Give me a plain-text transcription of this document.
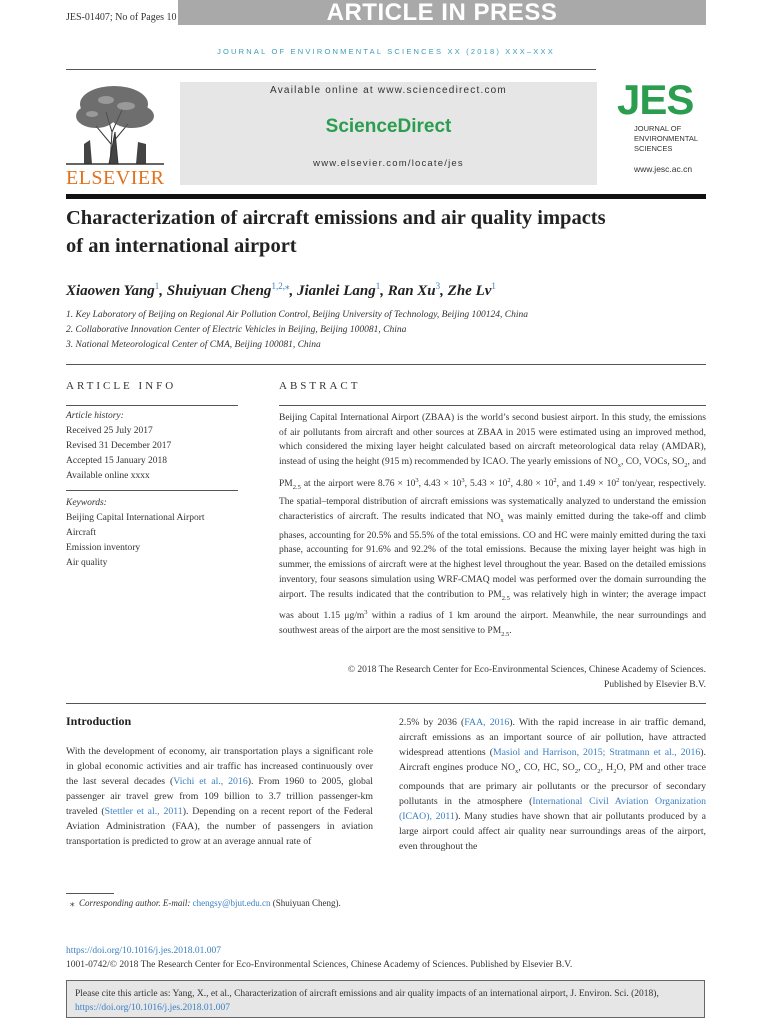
JES-01407; No of Pages 10	ARTICLE IN PRESS
JOURNAL OF ENVIRONMENTAL SCIENCES XX (2018) XXX–XXX
ELSEVIER
Available online at www.sciencedirect.com
ScienceDirect
www.elsevier.com/locate/jes
JES
JOURNAL OF
ENVIRONMENTAL
SCIENCES
www.jesc.ac.cn
Characterization of aircraft emissions and air quality impacts of an international airport
Xiaowen Yang$^1$, Shuiyuan Cheng$^{1,2,⁎}$, Jianlei Lang$^1$, Ran Xu$^3$, Zhe Lv$^1$
1. Key Laboratory of Beijing on Regional Air Pollution Control, Beijing University of Technology, Beijing 100124, China
2. Collaborative Innovation Center of Electric Vehicles in Beijing, Beijing 100081, China
3. National Meteorological Center of CMA, Beijing 100081, China
ARTICLE INFO	ABSTRACT
Article history:
Received 25 July 2017
Revised 31 December 2017
Accepted 15 January 2018
Available online xxxx
Keywords:
Beijing Capital International Airport
Aircraft
Emission inventory
Air quality
Beijing Capital International Airport (ZBAA) is the world’s second busiest airport. In this study, the emissions of air pollutants from aircraft and other sources at ZBAA in 2015 were estimated using an improved method, which considered the mixing layer height calculated based on aircraft meteorological data relay (AMDAR), instead of using the height (915 m) recommended by ICAO. The yearly emissions of $NO_x$, CO, VOCs, $SO_2$, and $PM_{2.5}$ at the airport were $8.76 \times 10^3$, $4.43 \times 10^3$, $5.43 \times 10^2$, $4.80 \times 10^2$, and $1.49 \times 10^2$ ton/year, respectively. The spatial–temporal distribution of aircraft emissions was systematically analyzed to understand the emission characteristics of aircraft. The results indicated that $NO_x$ was mainly emitted during the take-off and climb phases, accounting for 20.5% and 55.5% of the total emissions. CO and HC were mainly emitted during the taxi phase, accounting for 91.6% and 92.2% of the total emissions. Because the mixing layer height was high in summer, the emissions of aircraft were at the highest level throughout the year. Based on the detailed emissions inventory, four seasons simulation using WRF-CMAQ model was performed over the domain surrounding the airport. The results indicated that the contribution to $PM_{2.5}$ was relatively high in winter; the average impact was about 1.15 $\mu g/m^3$ within a radius of 1 km around the airport. Meanwhile, the near surroundings and southwest areas of the airport are the most sensitive to $PM_{2.5}$.
© 2018 The Research Center for Eco-Environmental Sciences, Chinese Academy of Sciences.
Published by Elsevier B.V.
Introduction
With the development of economy, air transportation plays a significant role in global economic activities and air traffic has increased continuously over the last several decades (Vichi et al., 2016). From 1960 to 2005, global passenger air travel grew from 109 billion to 3.7 trillion passenger-km traveled (Stettler et al., 2011). Depending on a recent report of the Federal Aviation Administration (FAA), the number of passengers in aviation transportation is predicted to grow at an average annual rate of
2.5% by 2036 (FAA, 2016). With the rapid increase in air traffic demand, aircraft emissions as an important source of air pollution, have attracted widespread attentions (Masiol and Harrison, 2015; Stratmann et al., 2016). Aircraft engines produce $NO_x$, CO, HC, $SO_2$, $CO_2$, $H_2O$, PM and other trace compounds that are primary air pollutants or the precursor of secondary pollutants in the atmosphere (International Civil Aviation Organization (ICAO), 2011). Many studies have shown that air pollutants produced by a large airport could affect air quality near surroundings areas of the airport, even throughout the
⁎ Corresponding author. E-mail: chengsy@bjut.edu.cn (Shuiyuan Cheng).
https://doi.org/10.1016/j.jes.2018.01.007
1001-0742/© 2018 The Research Center for Eco-Environmental Sciences, Chinese Academy of Sciences. Published by Elsevier B.V.
Please cite this article as: Yang, X., et al., Characterization of aircraft emissions and air quality impacts of an international airport, J. Environ. Sci. (2018), https://doi.org/10.1016/j.jes.2018.01.007
